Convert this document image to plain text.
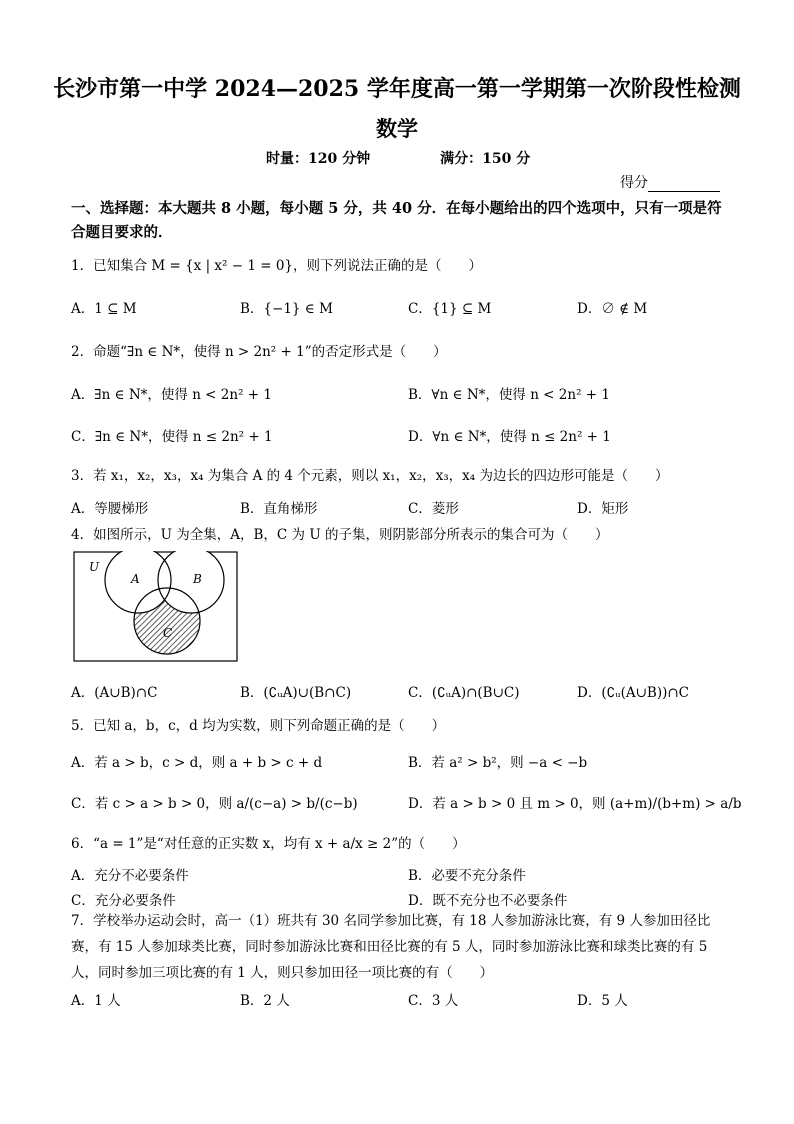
长沙市第一中学 2024—2025 学年度高一第一学期第一次阶段性检测
数学
时量：120 分钟	满分：150 分
得分
一、选择题：本大题共 8 小题，每小题 5 分，共 40 分．在每小题给出的四个选项中，只有一项是符合题目要求的．
1．已知集合 M = {x | x² − 1 = 0}，则下列说法正确的是（　　）
A．1 ⊆ M	B．{−1} ∈ M	C．{1} ⊆ M	D．∅ ∉ M
2．命题“∃n ∈ N*，使得 n > 2n² + 1”的否定形式是（　　）
A．∃n ∈ N*，使得 n < 2n² + 1	B．∀n ∈ N*，使得 n < 2n² + 1
C．∃n ∈ N*，使得 n ≤ 2n² + 1	D．∀n ∈ N*，使得 n ≤ 2n² + 1
3．若 x₁，x₂，x₃，x₄ 为集合 A 的 4 个元素，则以 x₁，x₂，x₃，x₄ 为边长的四边形可能是（　　）
A．等腰梯形	B．直角梯形	C．菱形	D．矩形
4．如图所示，U 为全集，A，B，C 为 U 的子集，则阴影部分所表示的集合可为（　　）
U
A	B
C
A．(A∪B)∩C	B．(∁ᵤA)∪(B∩C)	C．(∁ᵤA)∩(B∪C)	D．(∁ᵤ(A∪B))∩C
5．已知 a，b，c，d 均为实数，则下列命题正确的是（　　）
A．若 a > b，c > d，则 a + b > c + d	B．若 a² > b²，则 −a < −b
C．若 c > a > b > 0，则 a/(c−a) > b/(c−b)	D．若 a > b > 0 且 m > 0，则 (a+m)/(b+m) > a/b
6．“a = 1”是“对任意的正实数 x，均有 x + a/x ≥ 2”的（　　）
A．充分不必要条件	B．必要不充分条件
C．充分必要条件	D．既不充分也不必要条件
7．学校举办运动会时，高一（1）班共有 30 名同学参加比赛，有 18 人参加游泳比赛，有 9 人参加田径比赛，有 15 人参加球类比赛，同时参加游泳比赛和田径比赛的有 5 人，同时参加游泳比赛和球类比赛的有 5 人，同时参加三项比赛的有 1 人，则只参加田径一项比赛的有（　　）
A．1 人	B．2 人	C．3 人	D．5 人
